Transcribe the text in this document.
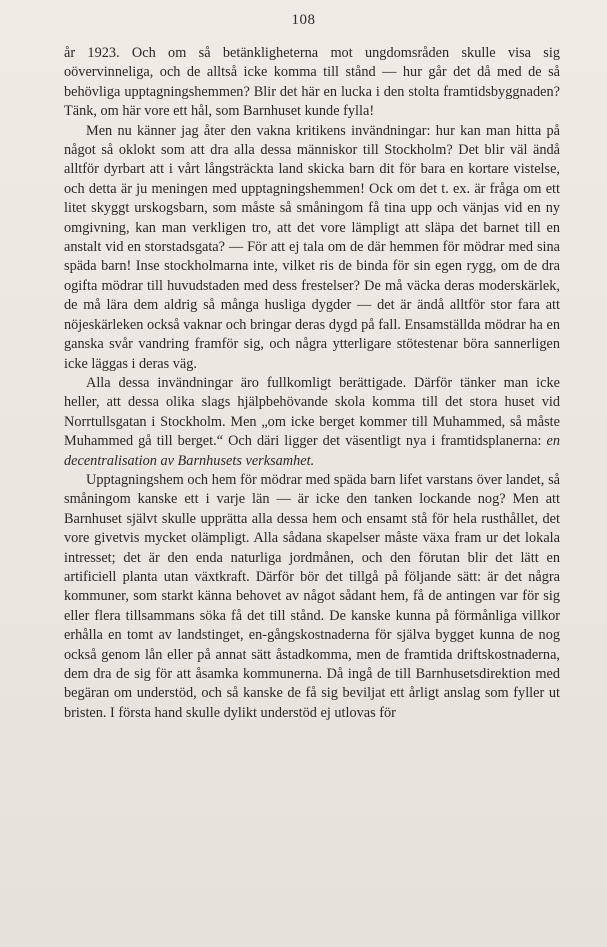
108

år 1923. Och om så betänkligheterna mot ungdomsråden skulle visa sig oövervinneliga, och de alltså icke komma till stånd — hur går det då med de så behövliga upptagningshemmen? Blir det här en lucka i den stolta framtidsbyggnaden? Tänk, om här vore ett hål, som Barnhuset kunde fylla!

Men nu känner jag åter den vakna kritikens invändningar: hur kan man hitta på något så oklokt som att dra alla dessa människor till Stockholm? Det blir väl ändå alltför dyrbart att i vårt långsträckta land skicka barn dit för bara en kortare vistelse, och detta är ju meningen med upptagningshemmen! Ock om det t. ex. är fråga om ett litet skyggt urskogsbarn, som måste så småningom få tina upp och vänjas vid en ny omgivning, kan man verkligen tro, att det vore lämpligt att släpa det barnet till en anstalt vid en storstadsgata? — För att ej tala om de där hemmen för mödrar med sina späda barn! Inse stockholmarna inte, vilket ris de binda för sin egen rygg, om de dra ogifta mödrar till huvudstaden med dess frestelser? De må väcka deras moderskärlek, de må lära dem aldrig så många husliga dygder — det är ändå alltför stor fara att nöjeskärleken också vaknar och bringar deras dygd på fall. Ensamställda mödrar ha en ganska svår vandring framför sig, och några ytterligare stötestenar böra sannerligen icke läggas i deras väg.

Alla dessa invändningar äro fullkomligt berättigade. Därför tänker man icke heller, att dessa olika slags hjälpbehövande skola komma till det stora huset vid Norrtullsgatan i Stockholm. Men „om icke berget kommer till Muhammed, så måste Muhammed gå till berget.“ Och däri ligger det väsentligt nya i framtidsplanerna: en decentralisation av Barnhusets verksamhet.

Upptagningshem och hem för mödrar med späda barn lifet varstans över landet, så småningom kanske ett i varje län — är icke den tanken lockande nog? Men att Barnhuset självt skulle upprätta alla dessa hem och ensamt stå för hela rusthållet, det vore givetvis mycket olämpligt. Alla sådana skapelser måste växa fram ur det lokala intresset; det är den enda naturliga jordmånen, och den förutan blir det lätt en artificiell planta utan växtkraft. Därför bör det tillgå på följande sätt: är det några kommuner, som starkt känna behovet av något sådant hem, få de antingen var för sig eller flera tillsammans söka få det till stånd. De kanske kunna på förmånliga villkor erhålla en tomt av landstinget, en-gångskostnaderna för själva bygget kunna de nog också genom lån eller på annat sätt åstadkomma, men de framtida driftskostnaderna, dem dra de sig för att åsamka kommunerna. Då ingå de till Barnhusetsdirektion med begäran om understöd, och så kanske de få sig beviljat ett årligt anslag som fyller ut bristen. I första hand skulle dylikt understöd ej utlovas för
